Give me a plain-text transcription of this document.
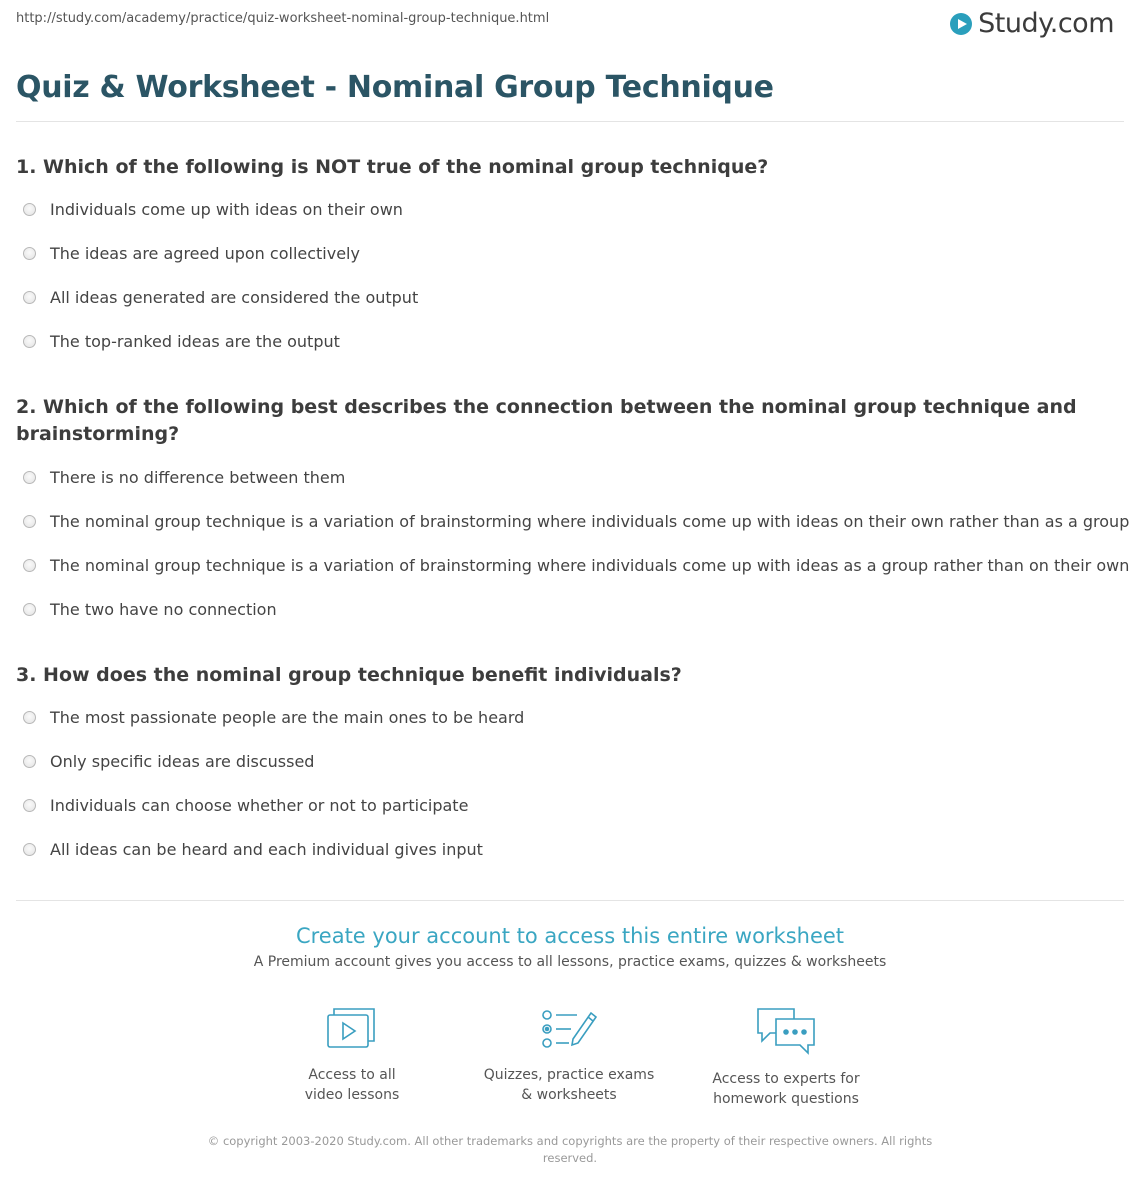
http://study.com/academy/practice/quiz-worksheet-nominal-group-technique.html	Study.com
Quiz & Worksheet - Nominal Group Technique
1. Which of the following is NOT true of the nominal group technique?
Individuals come up with ideas on their own
The ideas are agreed upon collectively
All ideas generated are considered the output
The top-ranked ideas are the output
2. Which of the following best describes the connection between the nominal group technique and brainstorming?
There is no difference between them
The nominal group technique is a variation of brainstorming where individuals come up with ideas on their own rather than as a group
The nominal group technique is a variation of brainstorming where individuals come up with ideas as a group rather than on their own
The two have no connection
3. How does the nominal group technique benefit individuals?
The most passionate people are the main ones to be heard
Only specific ideas are discussed
Individuals can choose whether or not to participate
All ideas can be heard and each individual gives input
Create your account to access this entire worksheet
A Premium account gives you access to all lessons, practice exams, quizzes & worksheets
Access to all
video lessons
Quizzes, practice exams
& worksheets
Access to experts for
homework questions
© copyright 2003-2020 Study.com. All other trademarks and copyrights are the property of their respective owners. All rights reserved.
